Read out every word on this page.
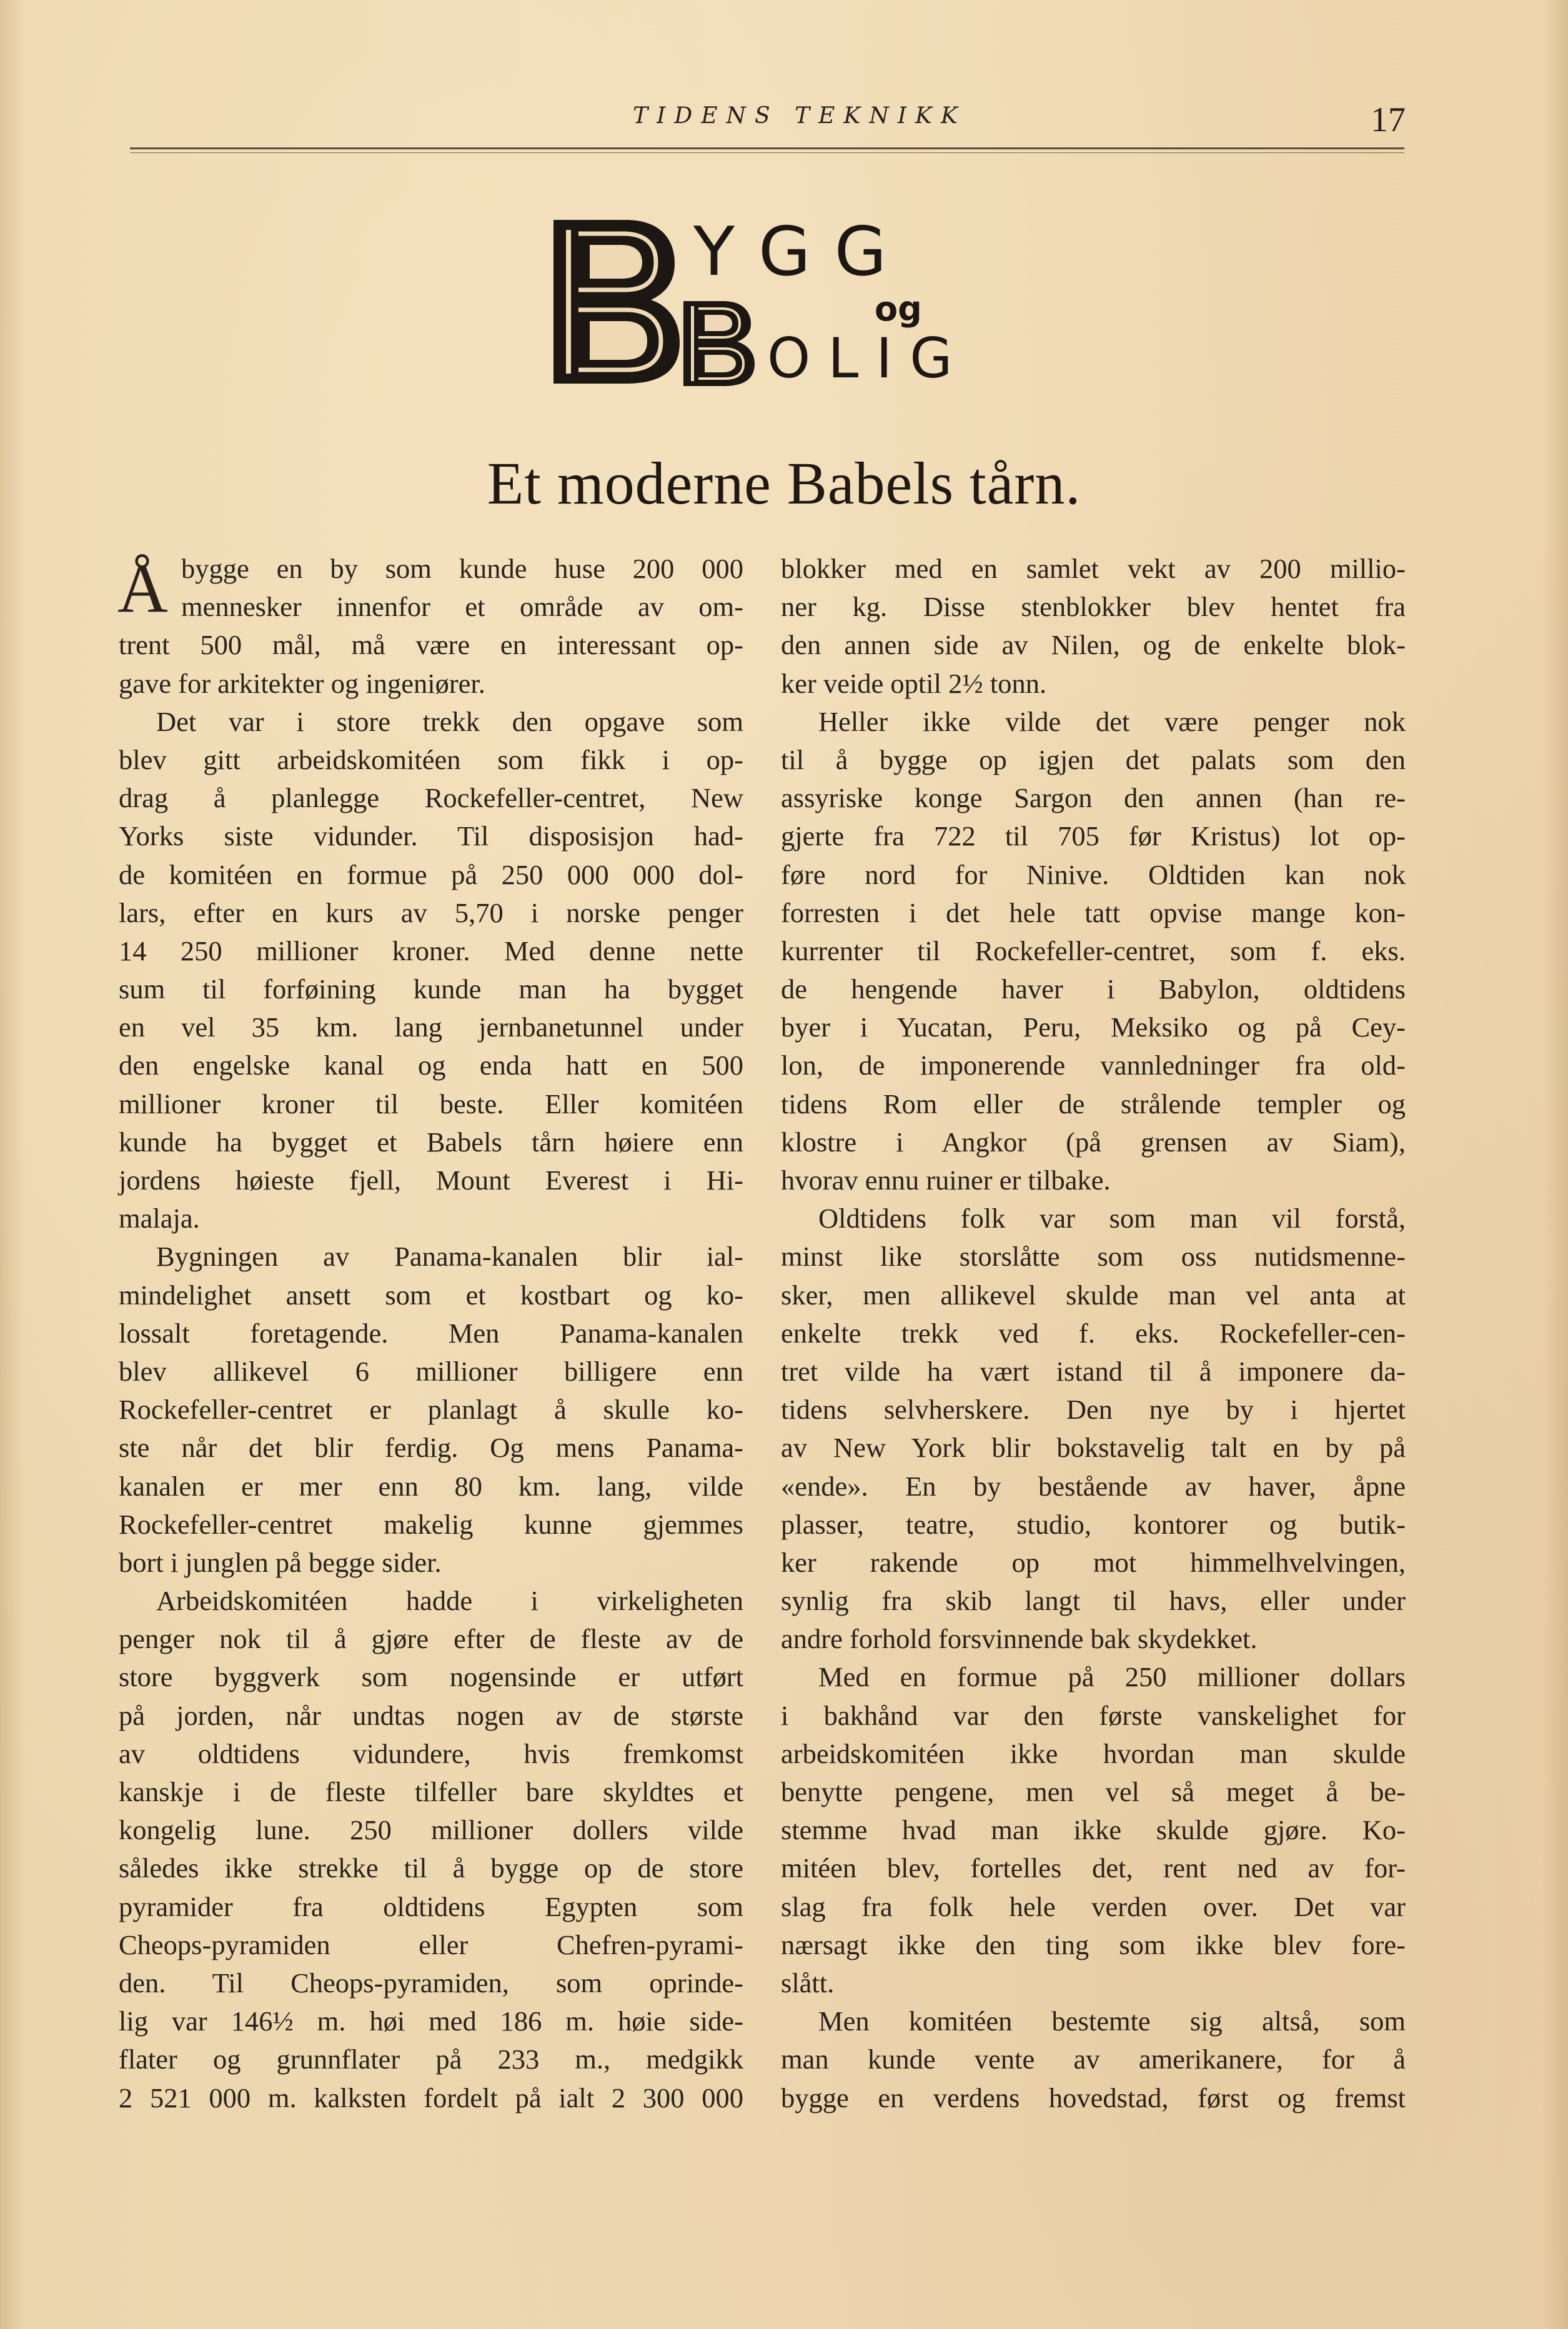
TIDENS TEKNIKK	17
YGG
og
OLIG
Et moderne Babels tårn.
Å bygge en by som kunde huse 200 000
mennesker innenfor et område av om-
trent 500 mål, må være en interessant op-
gave for arkitekter og ingeniører.
Det var i store trekk den opgave som
blev gitt arbeidskomitéen som fikk i op-
drag å planlegge Rockefeller-centret, New
Yorks siste vidunder. Til disposisjon had-
de komitéen en formue på 250 000 000 dol-
lars, efter en kurs av 5,70 i norske penger
14 250 millioner kroner. Med denne nette
sum til forføining kunde man ha bygget
en vel 35 km. lang jernbanetunnel under
den engelske kanal og enda hatt en 500
millioner kroner til beste. Eller komitéen
kunde ha bygget et Babels tårn høiere enn
jordens høieste fjell, Mount Everest i Hi-
malaja.
Bygningen av Panama-kanalen blir ial-
mindelighet ansett som et kostbart og ko-
lossalt foretagende. Men Panama-kanalen
blev allikevel 6 millioner billigere enn
Rockefeller-centret er planlagt å skulle ko-
ste når det blir ferdig. Og mens Panama-
kanalen er mer enn 80 km. lang, vilde
Rockefeller-centret makelig kunne gjemmes
bort i junglen på begge sider.
Arbeidskomitéen hadde i virkeligheten
penger nok til å gjøre efter de fleste av de
store byggverk som nogensinde er utført
på jorden, når undtas nogen av de største
av oldtidens vidundere, hvis fremkomst
kanskje i de fleste tilfeller bare skyldtes et
kongelig lune. 250 millioner dollers vilde
således ikke strekke til å bygge op de store
pyramider fra oldtidens Egypten som
Cheops-pyramiden eller Chefren-pyrami-
den. Til Cheops-pyramiden, som oprinde-
lig var 146½ m. høi med 186 m. høie side-
flater og grunnflater på 233 m., medgikk
2 521 000 m. kalksten fordelt på ialt 2 300 000
blokker med en samlet vekt av 200 millio-
ner kg. Disse stenblokker blev hentet fra
den annen side av Nilen, og de enkelte blok-
ker veide optil 2½ tonn.
Heller ikke vilde det være penger nok
til å bygge op igjen det palats som den
assyriske konge Sargon den annen (han re-
gjerte fra 722 til 705 før Kristus) lot op-
føre nord for Ninive. Oldtiden kan nok
forresten i det hele tatt opvise mange kon-
kurrenter til Rockefeller-centret, som f. eks.
de hengende haver i Babylon, oldtidens
byer i Yucatan, Peru, Meksiko og på Cey-
lon, de imponerende vannledninger fra old-
tidens Rom eller de strålende templer og
klostre i Angkor (på grensen av Siam),
hvorav ennu ruiner er tilbake.
Oldtidens folk var som man vil forstå,
minst like storslåtte som oss nutidsmenne-
sker, men allikevel skulde man vel anta at
enkelte trekk ved f. eks. Rockefeller-cen-
tret vilde ha vært istand til å imponere da-
tidens selvherskere. Den nye by i hjertet
av New York blir bokstavelig talt en by på
«ende». En by bestående av haver, åpne
plasser, teatre, studio, kontorer og butik-
ker rakende op mot himmelhvelvingen,
synlig fra skib langt til havs, eller under
andre forhold forsvinnende bak skydekket.
Med en formue på 250 millioner dollars
i bakhånd var den første vanskelighet for
arbeidskomitéen ikke hvordan man skulde
benytte pengene, men vel så meget å be-
stemme hvad man ikke skulde gjøre. Ko-
mitéen blev, fortelles det, rent ned av for-
slag fra folk hele verden over. Det var
nærsagt ikke den ting som ikke blev fore-
slått.
Men komitéen bestemte sig altså, som
man kunde vente av amerikanere, for å
bygge en verdens hovedstad, først og fremst
